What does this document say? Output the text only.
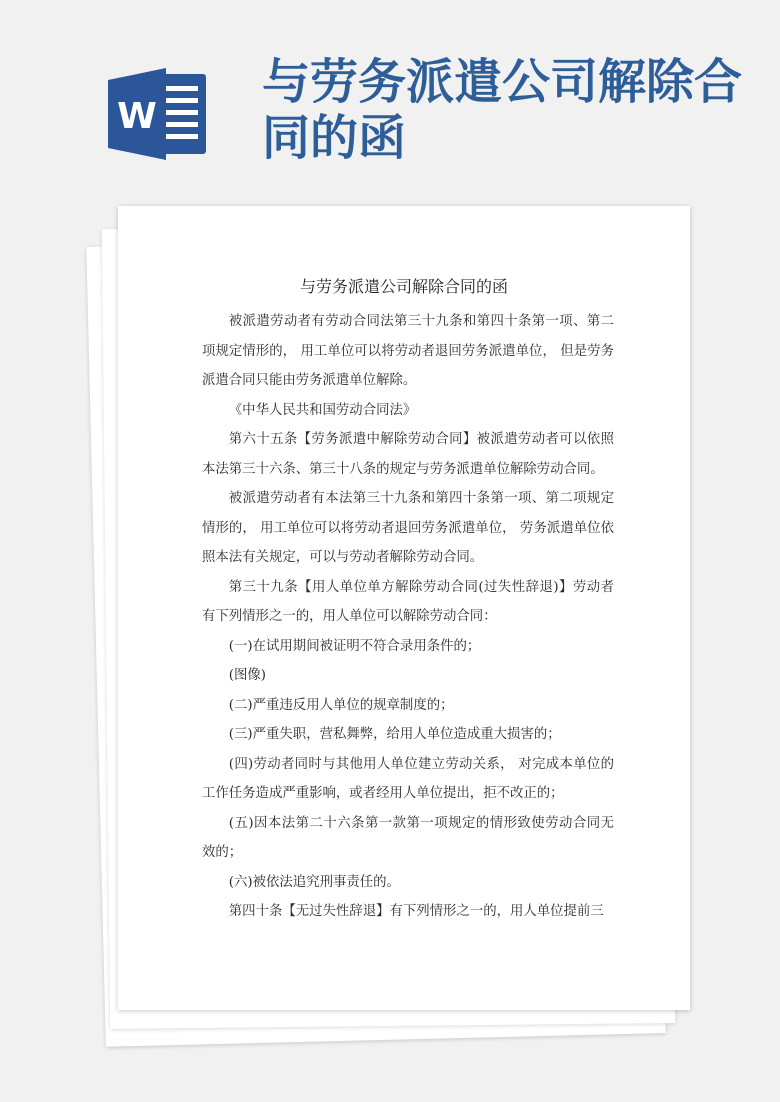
W
与劳务派遣公司解除合同的函
与劳务派遣公司解除合同的函

被派遣劳动者有劳动合同法第三十九条和第四十条第一项、第二项规定情形的， 用工单位可以将劳动者退回劳务派遣单位， 但是劳务派遣合同只能由劳务派遣单位解除。

《中华人民共和国劳动合同法》

第六十五条【劳务派遣中解除劳动合同】被派遣劳动者可以依照本法第三十六条、第三十八条的规定与劳务派遣单位解除劳动合同。

被派遣劳动者有本法第三十九条和第四十条第一项、第二项规定情形的， 用工单位可以将劳动者退回劳务派遣单位， 劳务派遣单位依照本法有关规定，可以与劳动者解除劳动合同。

第三十九条【用人单位单方解除劳动合同(过失性辞退)】劳动者有下列情形之一的，用人单位可以解除劳动合同：

(一)在试用期间被证明不符合录用条件的；

(图像)

(二)严重违反用人单位的规章制度的；

(三)严重失职，营私舞弊，给用人单位造成重大损害的；

(四)劳动者同时与其他用人单位建立劳动关系， 对完成本单位的工作任务造成严重影响，或者经用人单位提出，拒不改正的；

(五)因本法第二十六条第一款第一项规定的情形致使劳动合同无效的；

(六)被依法追究刑事责任的。

第四十条【无过失性辞退】有下列情形之一的，用人单位提前三
